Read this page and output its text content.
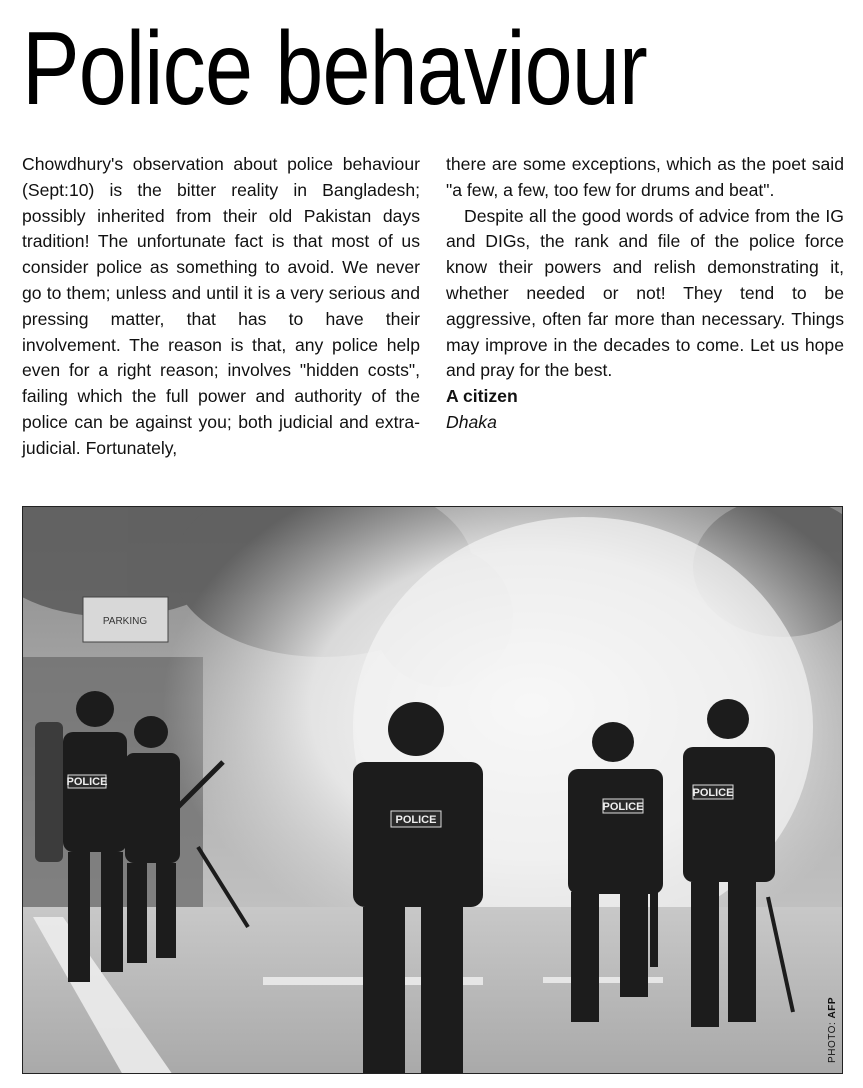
Police behaviour

Chowdhury's observation about police behaviour (Sept:10) is the bitter reality in Bangladesh; possibly inherited from their old Pakistan days tradition! The unfortunate fact is that most of us consider police as something to avoid. We never go to them; unless and until it is a very serious and pressing matter, that has to have their involvement. The reason is that, any police help even for a right reason; involves "hidden costs", failing which the full power and authority of the police can be against you; both judicial and extra-judicial. Fortunately,

there are some exceptions, which as the poet said "a few, a few, too few for drums and beat".

Despite all the good words of advice from the IG and DIGs, the rank and file of the police force know their powers and relish demonstrating it, whether needed or not! They tend to be aggressive, often far more than necessary. Things may improve in the decades to come. Let us hope and pray for the best.

A citizen

Dhaka

POLICE
POLICE
POLICE
POLICE
PHOTO: AFP
